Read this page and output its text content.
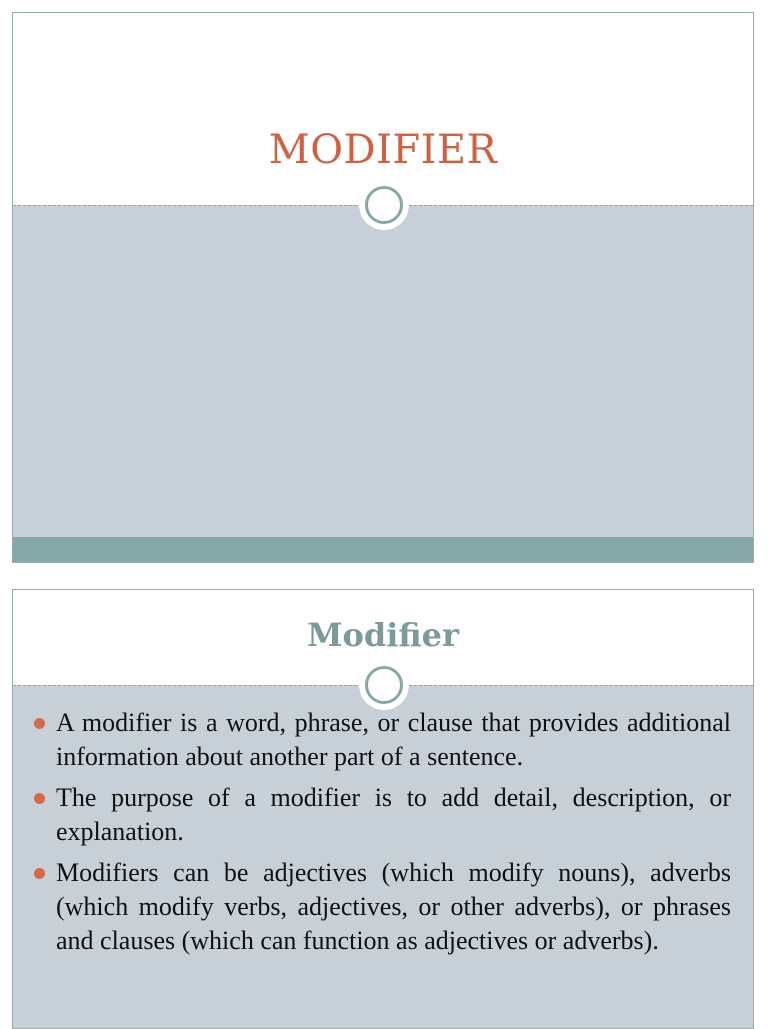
MODIFIER
Modifier
A modifier is a word, phrase, or clause that provides additional information about another part of a sentence.
The purpose of a modifier is to add detail, description, or explanation.
Modifiers can be adjectives (which modify nouns), adverbs (which modify verbs, adjectives, or other adverbs), or phrases and clauses (which can function as adjectives or adverbs).
